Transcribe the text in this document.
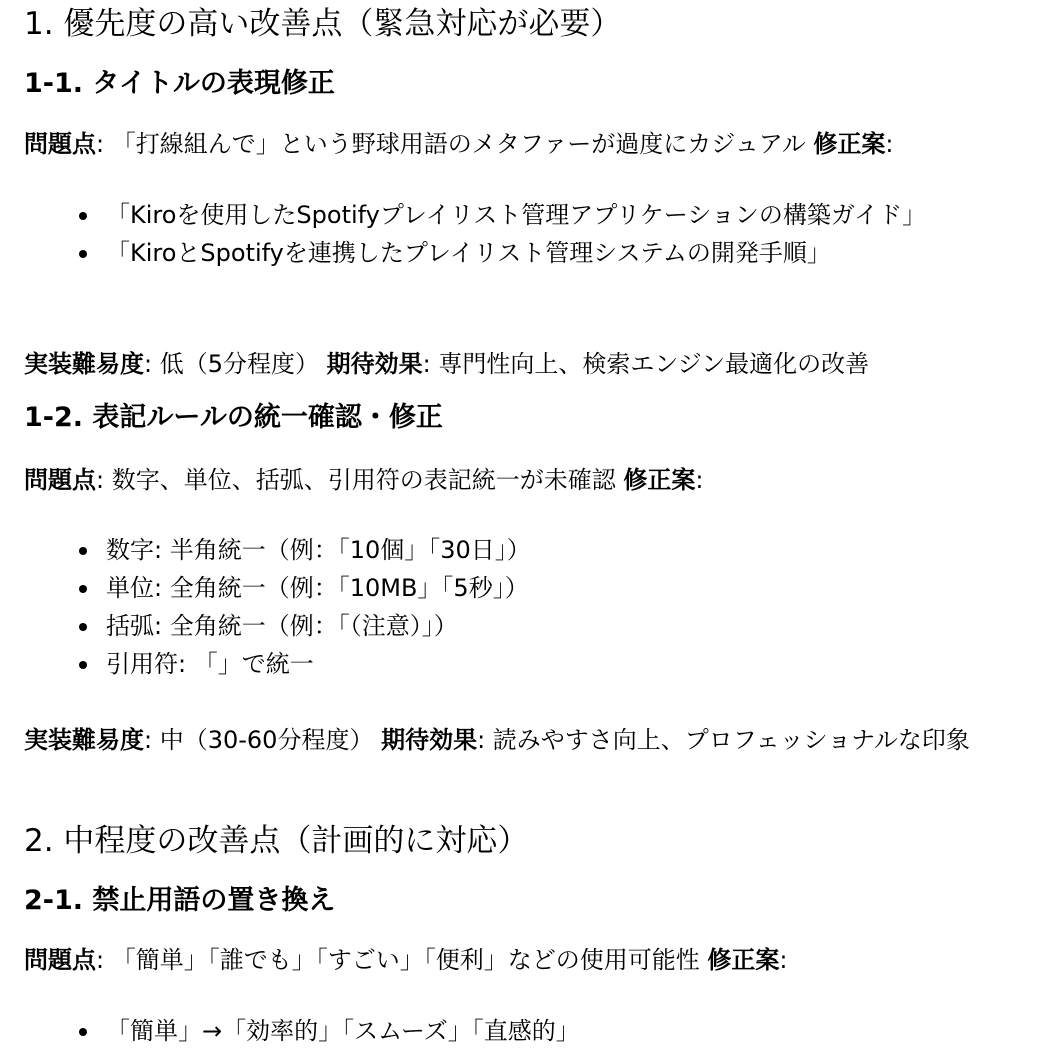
1. 優先度の高い改善点（緊急対応が必要）
1-1. タイトルの表現修正

問題点: 「打線組んで」という野球用語のメタファーが過度にカジュアル 修正案:

「Kiroを使用したSpotifyプレイリスト管理アプリケーションの構築ガイド」
「KiroとSpotifyを連携したプレイリスト管理システムの開発手順」

実装難易度: 低（5分程度） 期待効果: 専門性向上、検索エンジン最適化の改善

1-2. 表記ルールの統一確認・修正

問題点: 数字、単位、括弧、引用符の表記統一が未確認 修正案:

数字: 半角統一（例：「10個」「30日」）
単位: 全角統一（例：「10MB」「5秒」）
括弧: 全角統一（例：「（注意）」）
引用符: 「」で統一

実装難易度: 中（30-60分程度） 期待効果: 読みやすさ向上、プロフェッショナルな印象

2. 中程度の改善点（計画的に対応）
2-1. 禁止用語の置き換え

問題点: 「簡単」「誰でも」「すごい」「便利」などの使用可能性 修正案:

「簡単」→「効率的」「スムーズ」「直感的」
